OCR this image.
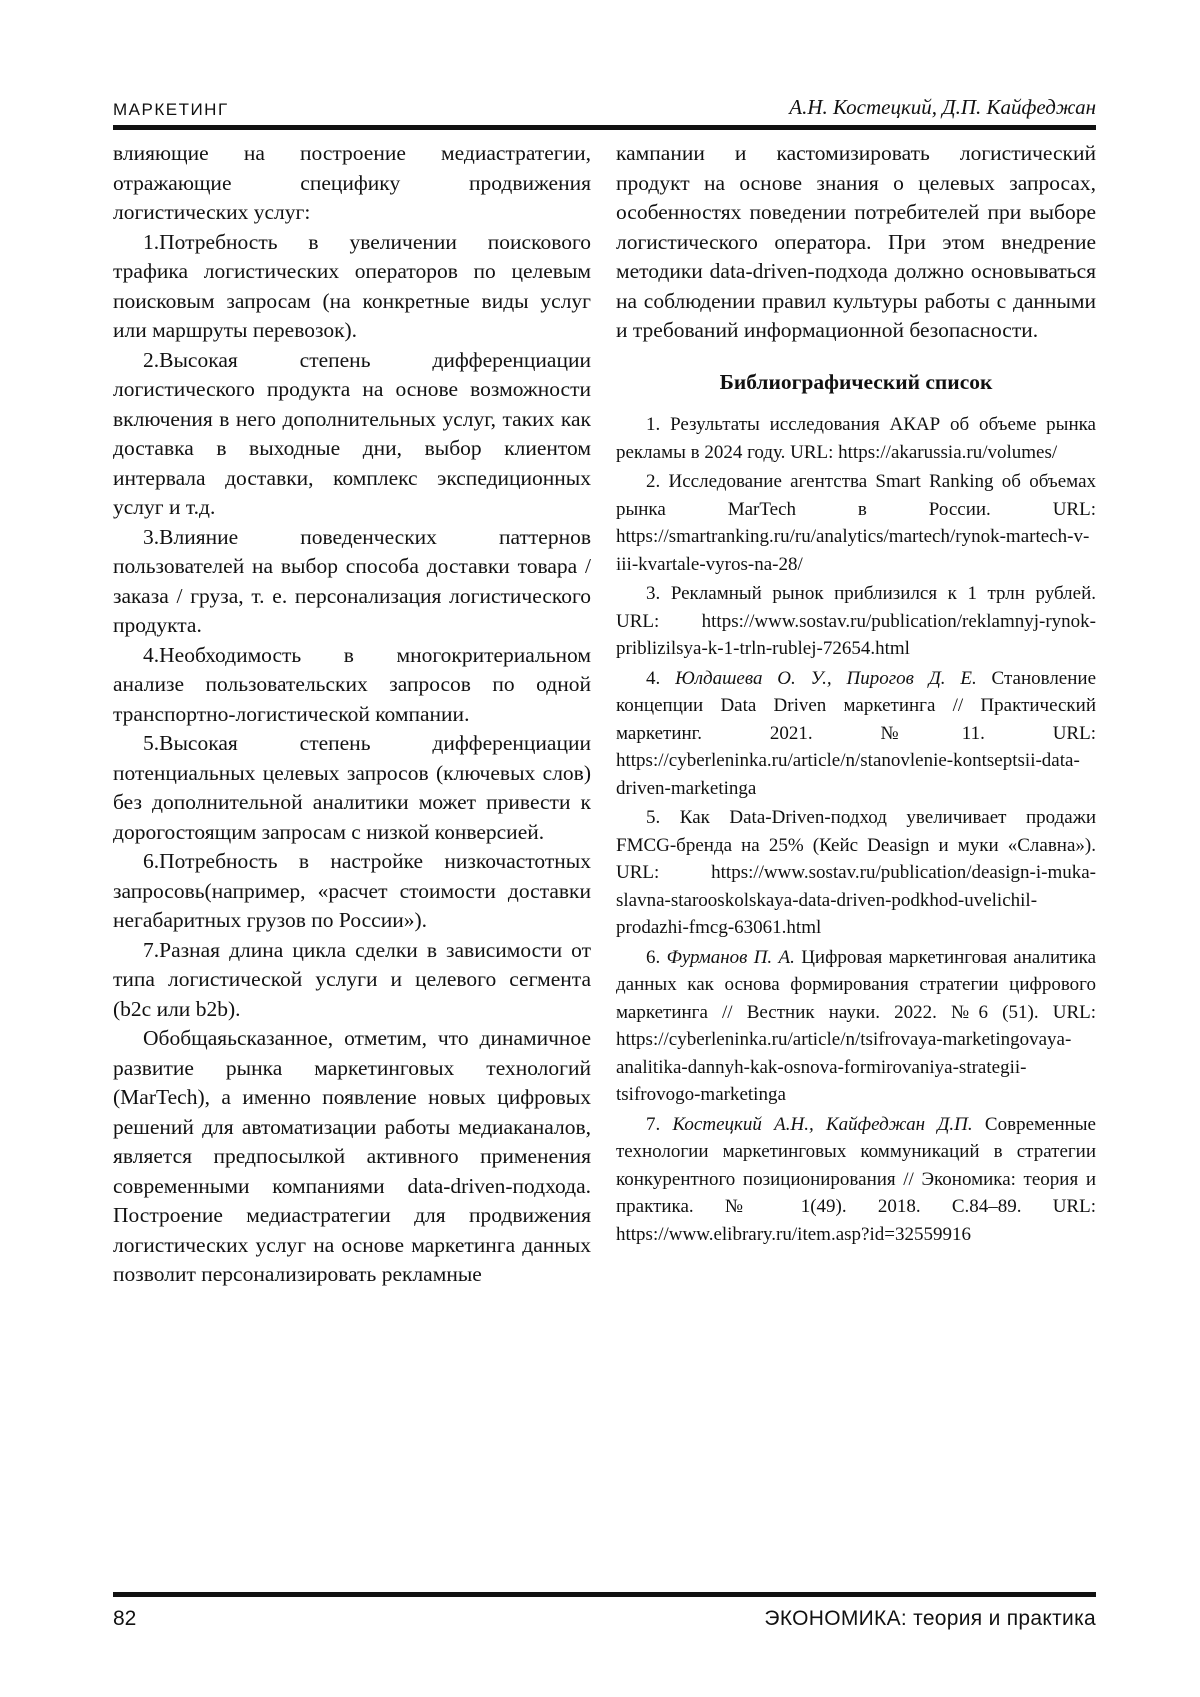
МАРКЕТИНГ	А.Н. Костецкий, Д.П. Кайфеджан

влияющие на построение медиастратегии, отражающие специфику продвижения логистических услуг:

1.Потребность в увеличении поискового трафика логистических операторов по целевым поисковым запросам (на конкретные виды услуг или маршруты перевозок).

2.Высокая степень дифференциации логистического продукта на основе возможности включения в него дополнительных услуг, таких как доставка в выходные дни, выбор клиентом интервала доставки, комплекс экспедиционных услуг и т.д.

3.Влияние поведенческих паттернов пользователей на выбор способа доставки товара / заказа / груза, т. е. персонализация логистического продукта.

4.Необходимость в многокритериальном анализе пользовательских запросов по одной транспортно-логистической компании.

5.Высокая степень дифференциации потенциальных целевых запросов (ключевых слов) без дополнительной аналитики может привести к дорогостоящим запросам с низкой конверсией.

6.Потребность в настройке низкочастотных запросовь(например, «расчет стоимости доставки негабаритных грузов по России»).

7.Разная длина цикла сделки в зависимости от типа логистической услуги и целевого сегмента (b2c или b2b).

Обобщаяьсказанное, отметим, что динамичное развитие рынка маркетинговых технологий (MarTech), а именно появление новых цифровых решений для автоматизации работы медиаканалов, является предпосылкой активного применения современными компаниями data-driven-подхода. Построение медиастратегии для продвижения логистических услуг на основе маркетинга данных позволит персонализировать рекламные

кампании и кастомизировать логистический продукт на основе знания о целевых запросах, особенностях поведении потребителей при выборе логистического оператора. При этом внедрение методики data-driven-подхода должно основываться на соблюдении правил культуры работы с данными и требований информационной безопасности.

Библиографический список

1. Результаты исследования АКАР об объеме рынка рекламы в 2024 году. URL: https://akarussia.ru/volumes/

2. Исследование агентства Smart Ranking об объемах рынка MarTech в России. URL: https://smartranking.ru/ru/analytics/martech/rynok-martech-v-iii-kvartale-vyros-na-28/

3. Рекламный рынок приблизился к 1 трлн рублей. URL: https://www.sostav.ru/publication/reklamnyj-rynok-priblizilsya-k-1-trln-rublej-72654.html

4. Юлдашева О. У., Пирогов Д. Е. Становление концепции Data Driven маркетинга // Практический маркетинг. 2021. №11. URL: https://cyberleninka.ru/article/n/stanovlenie-kontseptsii-data-driven-marketinga

5. Как Data-Driven-подход увеличивает продажи FMCG-бренда на 25% (Кейс Deasign и муки «Славна»). URL: https://www.sostav.ru/publication/deasign-i-muka-slavna-starooskolskaya-data-driven-podkhod-uvelichil-prodazhi-fmcg-63061.html

6. Фурманов П. А. Цифровая маркетинговая аналитика данных как основа формирования стратегии цифрового маркетинга // Вестник науки. 2022. №6 (51). URL: https://cyberleninka.ru/article/n/tsifrovaya-marketingovaya-analitika-dannyh-kak-osnova-formirovaniya-strategii-tsifrovogo-marketinga

7. Костецкий А.Н., Кайфеджан Д.П. Современные технологии маркетинговых коммуникаций в стратегии конкурентного позиционирования // Экономика: теория и практика. № 1(49). 2018. С.84–89. URL: https://www.elibrary.ru/item.asp?id=32559916

82	ЭКОНОМИКА: теория и практика
